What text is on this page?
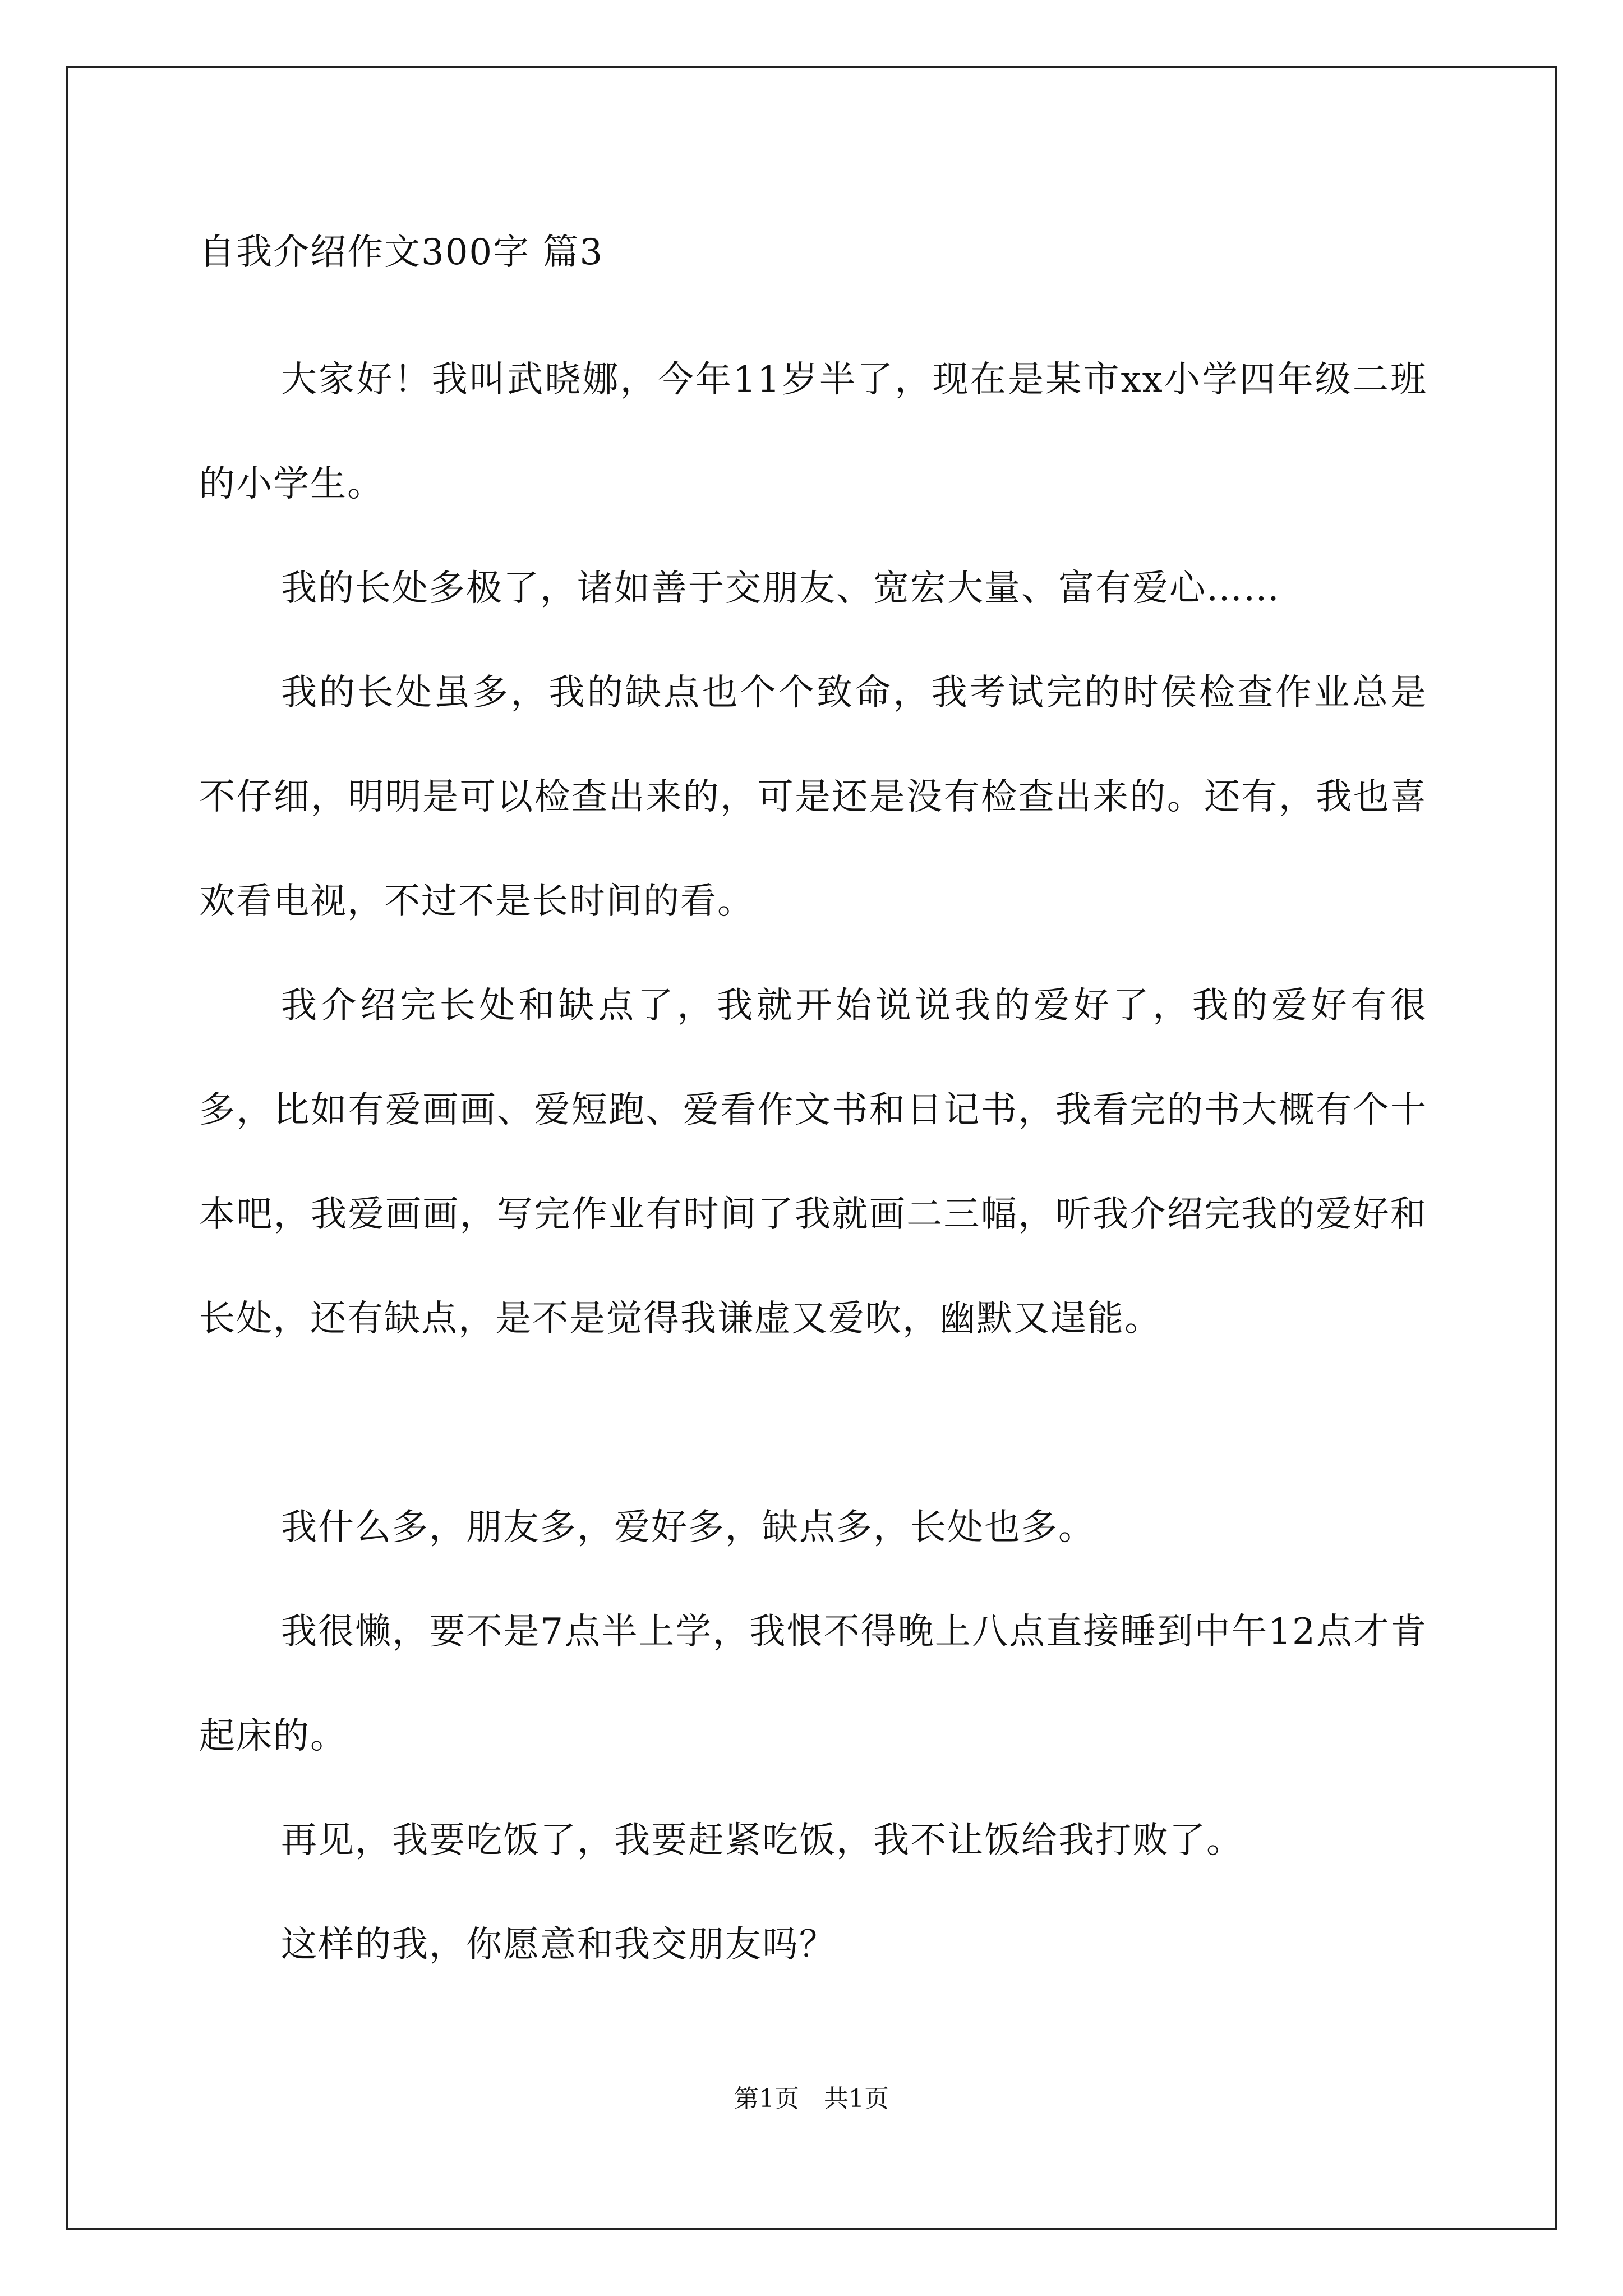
自我介绍作文300字 篇3

大家好！我叫武晓娜，今年11岁半了，现在是某市xx小学四年级二班的小学生。

我的长处多极了，诸如善于交朋友、宽宏大量、富有爱心……

我的长处虽多，我的缺点也个个致命，我考试完的时侯检查作业总是不仔细，明明是可以检查出来的，可是还是没有检查出来的。还有，我也喜欢看电视，不过不是长时间的看。

我介绍完长处和缺点了，我就开始说说我的爱好了，我的爱好有很多，比如有爱画画、爱短跑、爱看作文书和日记书，我看完的书大概有个十本吧，我爱画画，写完作业有时间了我就画二三幅，听我介绍完我的爱好和长处，还有缺点，是不是觉得我谦虚又爱吹，幽默又逞能。

我什么多，朋友多，爱好多，缺点多，长处也多。

我很懒，要不是7点半上学，我恨不得晚上八点直接睡到中午12点才肯起床的。

再见，我要吃饭了，我要赶紧吃饭，我不让饭给我打败了。

这样的我，你愿意和我交朋友吗？

第1页　共1页
